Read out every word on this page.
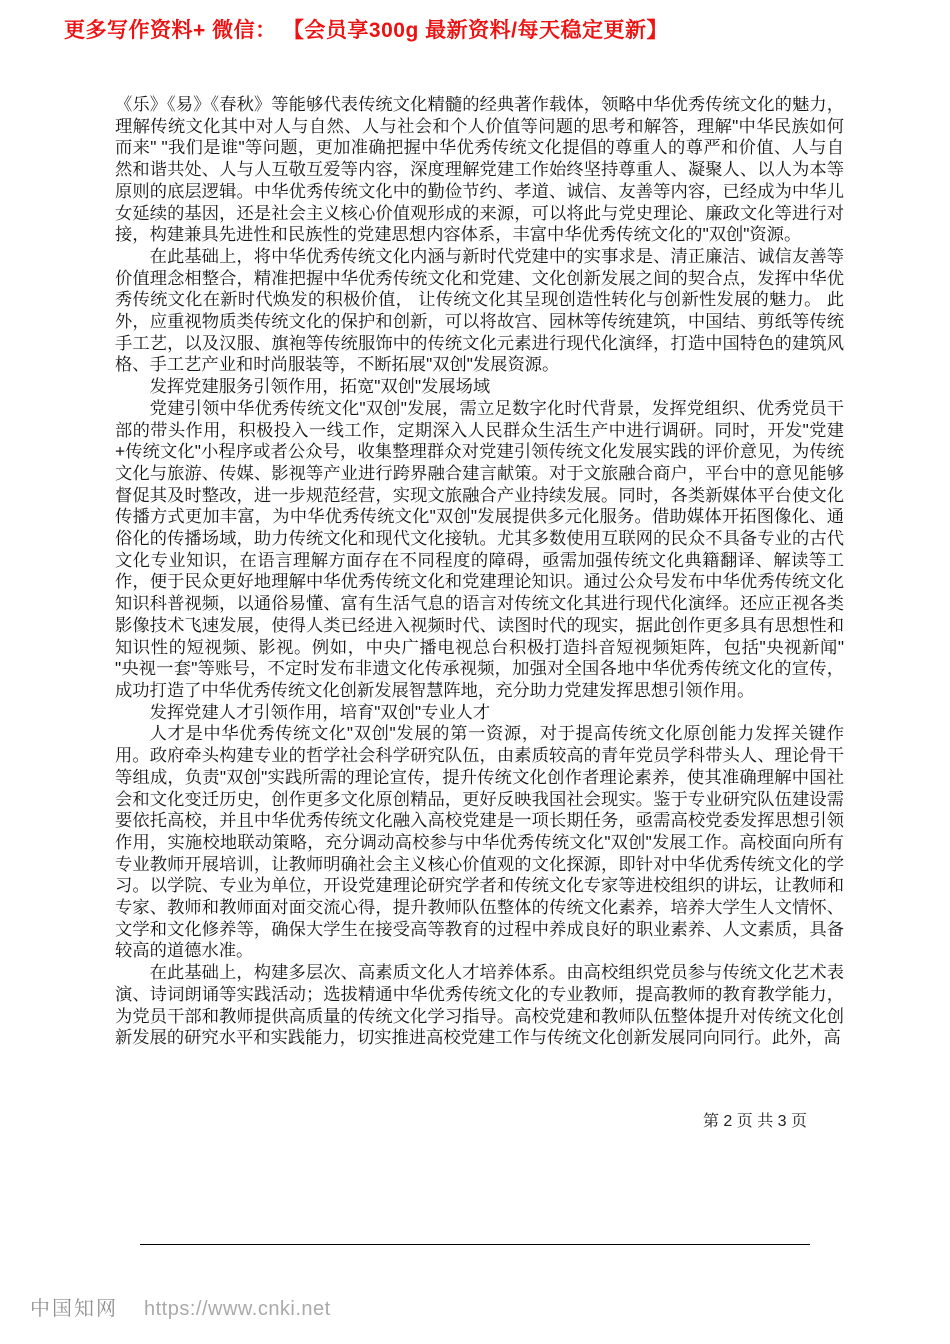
更多写作资料+ 微信： 【会员享300g 最新资料/每天稳定更新】

《乐》《易》《春秋》等能够代表传统文化精髓的经典著作载体，领略中华优秀传统文化的魅力，理解传统文化其中对人与自然、人与社会和个人价值等问题的思考和解答，理解"中华民族如何而来" "我们是谁"等问题，更加准确把握中华优秀传统文化提倡的尊重人的尊严和价值、人与自然和谐共处、人与人互敬互爱等内容，深度理解党建工作始终坚持尊重人、凝聚人、以人为本等原则的底层逻辑。中华优秀传统文化中的勤俭节约、孝道、诚信、友善等内容，已经成为中华儿女延续的基因，还是社会主义核心价值观形成的来源，可以将此与党史理论、廉政文化等进行对接，构建兼具先进性和民族性的党建思想内容体系，丰富中华优秀传统文化的"双创"资源。

在此基础上，将中华优秀传统文化内涵与新时代党建中的实事求是、清正廉洁、诚信友善等价值理念相整合，精准把握中华优秀传统文化和党建、文化创新发展之间的契合点，发挥中华优秀传统文化在新时代焕发的积极价值， 让传统文化其呈现创造性转化与创新性发展的魅力。 此外，应重视物质类传统文化的保护和创新，可以将故宫、园林等传统建筑，中国结、剪纸等传统手工艺，以及汉服、旗袍等传统服饰中的传统文化元素进行现代化演绎，打造中国特色的建筑风格、手工艺产业和时尚服装等，不断拓展"双创"发展资源。

发挥党建服务引领作用，拓宽"双创"发展场域

党建引领中华优秀传统文化"双创"发展，需立足数字化时代背景，发挥党组织、优秀党员干部的带头作用，积极投入一线工作，定期深入人民群众生活生产中进行调研。同时，开发"党建+传统文化"小程序或者公众号，收集整理群众对党建引领传统文化发展实践的评价意见，为传统文化与旅游、传媒、影视等产业进行跨界融合建言献策。对于文旅融合商户，平台中的意见能够督促其及时整改，进一步规范经营，实现文旅融合产业持续发展。同时，各类新媒体平台使文化传播方式更加丰富，为中华优秀传统文化"双创"发展提供多元化服务。借助媒体开拓图像化、通俗化的传播场域，助力传统文化和现代文化接轨。尤其多数使用互联网的民众不具备专业的古代文化专业知识，在语言理解方面存在不同程度的障碍，亟需加强传统文化典籍翻译、解读等工作，便于民众更好地理解中华优秀传统文化和党建理论知识。通过公众号发布中华优秀传统文化知识科普视频，以通俗易懂、富有生活气息的语言对传统文化其进行现代化演绎。还应正视各类影像技术飞速发展，使得人类已经进入视频时代、读图时代的现实，据此创作更多具有思想性和知识性的短视频、影视。例如，中央广播电视总台积极打造抖音短视频矩阵，包括"央视新闻" "央视一套"等账号，不定时发布非遗文化传承视频，加强对全国各地中华优秀传统文化的宣传，成功打造了中华优秀传统文化创新发展智慧阵地，充分助力党建发挥思想引领作用。

发挥党建人才引领作用，培育"双创"专业人才

人才是中华优秀传统文化"双创"发展的第一资源，对于提高传统文化原创能力发挥关键作用。政府牵头构建专业的哲学社会科学研究队伍，由素质较高的青年党员学科带头人、理论骨干等组成，负责"双创"实践所需的理论宣传，提升传统文化创作者理论素养，使其准确理解中国社会和文化变迁历史，创作更多文化原创精品，更好反映我国社会现实。鉴于专业研究队伍建设需要依托高校，并且中华优秀传统文化融入高校党建是一项长期任务，亟需高校党委发挥思想引领作用，实施校地联动策略，充分调动高校参与中华优秀传统文化"双创"发展工作。高校面向所有专业教师开展培训，让教师明确社会主义核心价值观的文化探源，即针对中华优秀传统文化的学习。以学院、专业为单位，开设党建理论研究学者和传统文化专家等进校组织的讲坛，让教师和专家、教师和教师面对面交流心得，提升教师队伍整体的传统文化素养，培养大学生人文情怀、文学和文化修养等，确保大学生在接受高等教育的过程中养成良好的职业素养、人文素质，具备较高的道德水准。

在此基础上，构建多层次、高素质文化人才培养体系。由高校组织党员参与传统文化艺术表演、诗词朗诵等实践活动；选拔精通中华优秀传统文化的专业教师，提高教师的教育教学能力，为党员干部和教师提供高质量的传统文化学习指导。高校党建和教师队伍整体提升对传统文化创新发展的研究水平和实践能力，切实推进高校党建工作与传统文化创新发展同向同行。此外，高

第 2 页 共 3 页
中国知网 https://www.cnki.net
